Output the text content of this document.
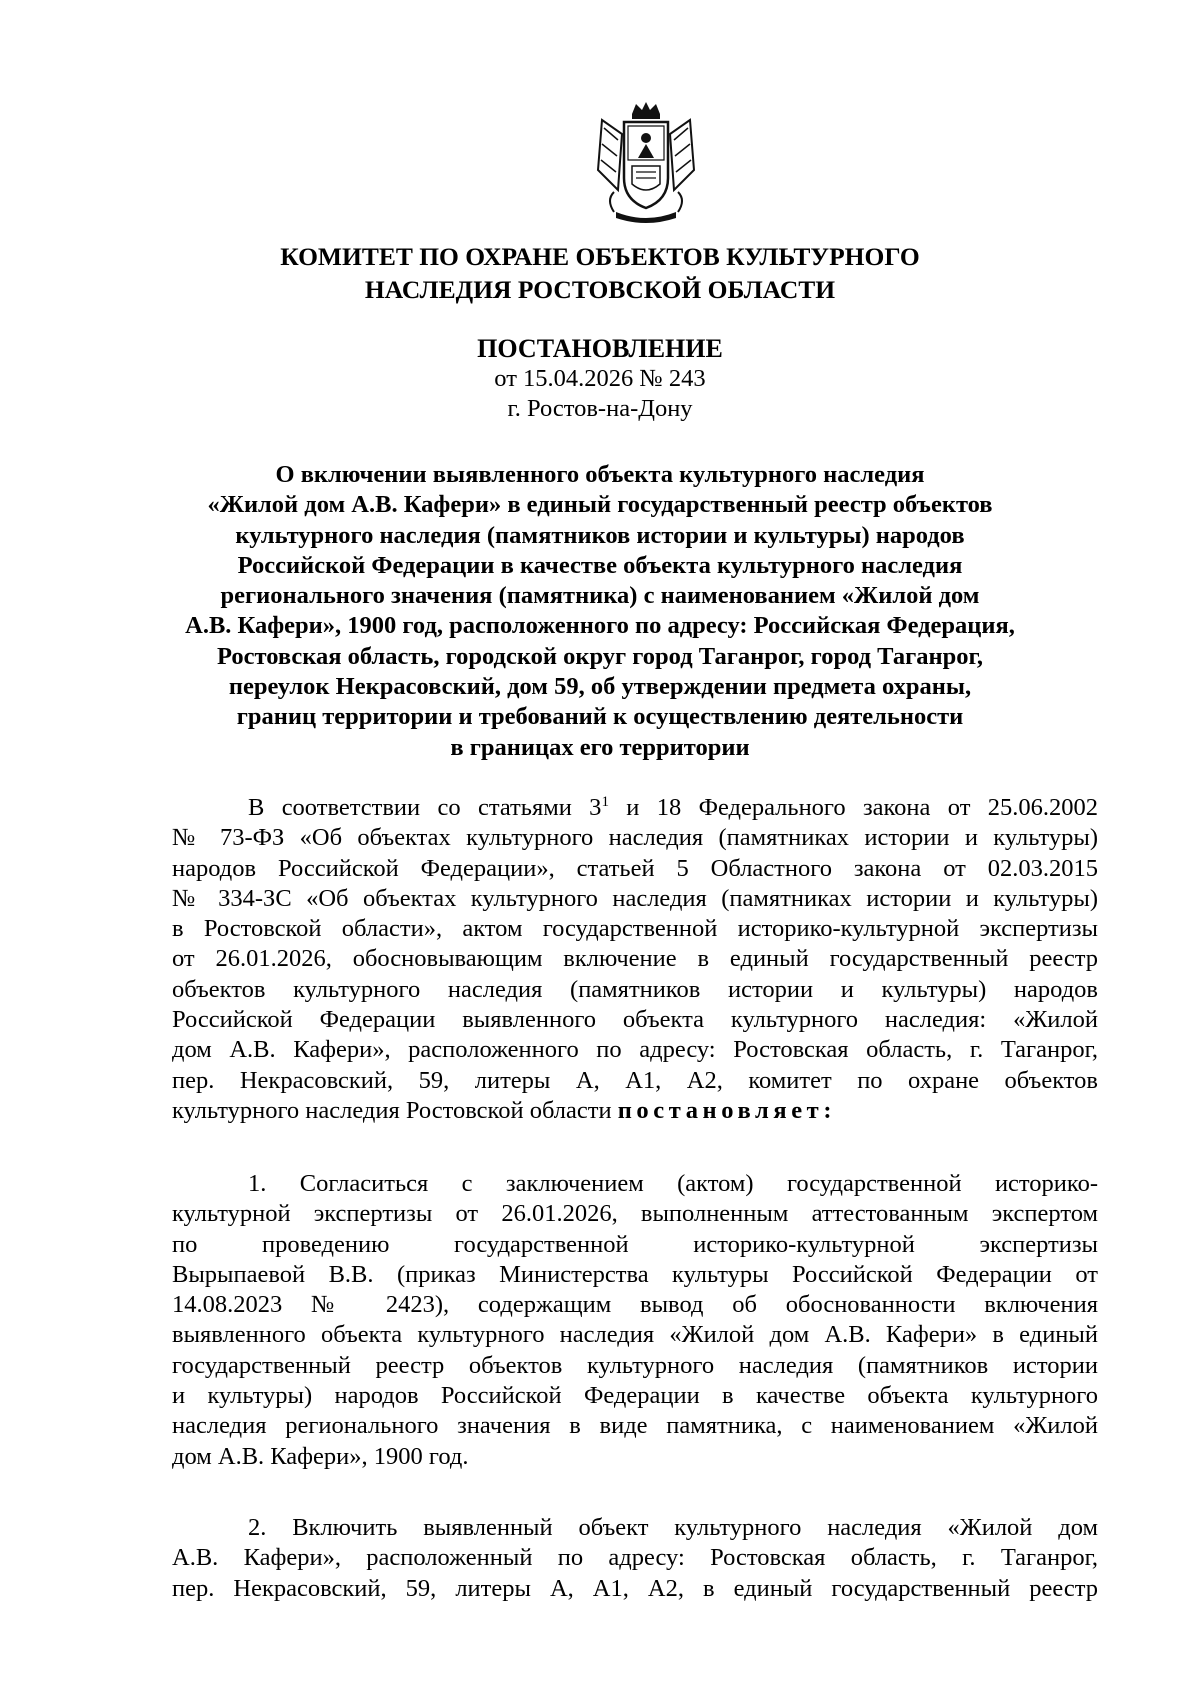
КОМИТЕТ ПО ОХРАНЕ ОБЪЕКТОВ КУЛЬТУРНОГО
НАСЛЕДИЯ РОСТОВСКОЙ ОБЛАСТИ
ПОСТАНОВЛЕНИЕ
от 15.04.2026 № 243
г. Ростов-на-Дону
О включении выявленного объекта культурного наследия
«Жилой дом А.В. Кафери» в единый государственный реестр объектов
культурного наследия (памятников истории и культуры) народов
Российской Федерации в качестве объекта культурного наследия
регионального значения (памятника) с наименованием «Жилой дом
А.В. Кафери», 1900 год, расположенного по адресу: Российская Федерация,
Ростовская область, городской округ город Таганрог, город Таганрог,
переулок Некрасовский, дом 59, об утверждении предмета охраны,
границ территории и требований к осуществлению деятельности
в границах его территории
В соответствии со статьями $3^1$ и 18 Федерального закона от 25.06.2002
№ 73-ФЗ «Об объектах культурного наследия (памятниках истории и культуры)
народов Российской Федерации», статьей 5 Областного закона от 02.03.2015
№ 334-ЗС «Об объектах культурного наследия (памятниках истории и культуры)
в Ростовской области», актом государственной историко-культурной экспертизы
от 26.01.2026, обосновывающим включение в единый государственный реестр
объектов культурного наследия (памятников истории и культуры) народов
Российской Федерации выявленного объекта культурного наследия: «Жилой
дом А.В. Кафери», расположенного по адресу: Ростовская область, г. Таганрог,
пер. Некрасовский, 59, литеры А, А1, А2, комитет по охране объектов
культурного наследия Ростовской области постановляет:
1. Согласиться с заключением (актом) государственной историко-
культурной экспертизы от 26.01.2026, выполненным аттестованным экспертом
по проведению государственной историко-культурной экспертизы
Вырыпаевой В.В. (приказ Министерства культуры Российской Федерации от
14.08.2023 № 2423), содержащим вывод об обоснованности включения
выявленного объекта культурного наследия «Жилой дом А.В. Кафери» в единый
государственный реестр объектов культурного наследия (памятников истории
и культуры) народов Российской Федерации в качестве объекта культурного
наследия регионального значения в виде памятника, с наименованием «Жилой
дом А.В. Кафери», 1900 год.
2. Включить выявленный объект культурного наследия «Жилой дом
А.В. Кафери», расположенный по адресу: Ростовская область, г. Таганрог,
пер. Некрасовский, 59, литеры А, А1, А2, в единый государственный реестр
